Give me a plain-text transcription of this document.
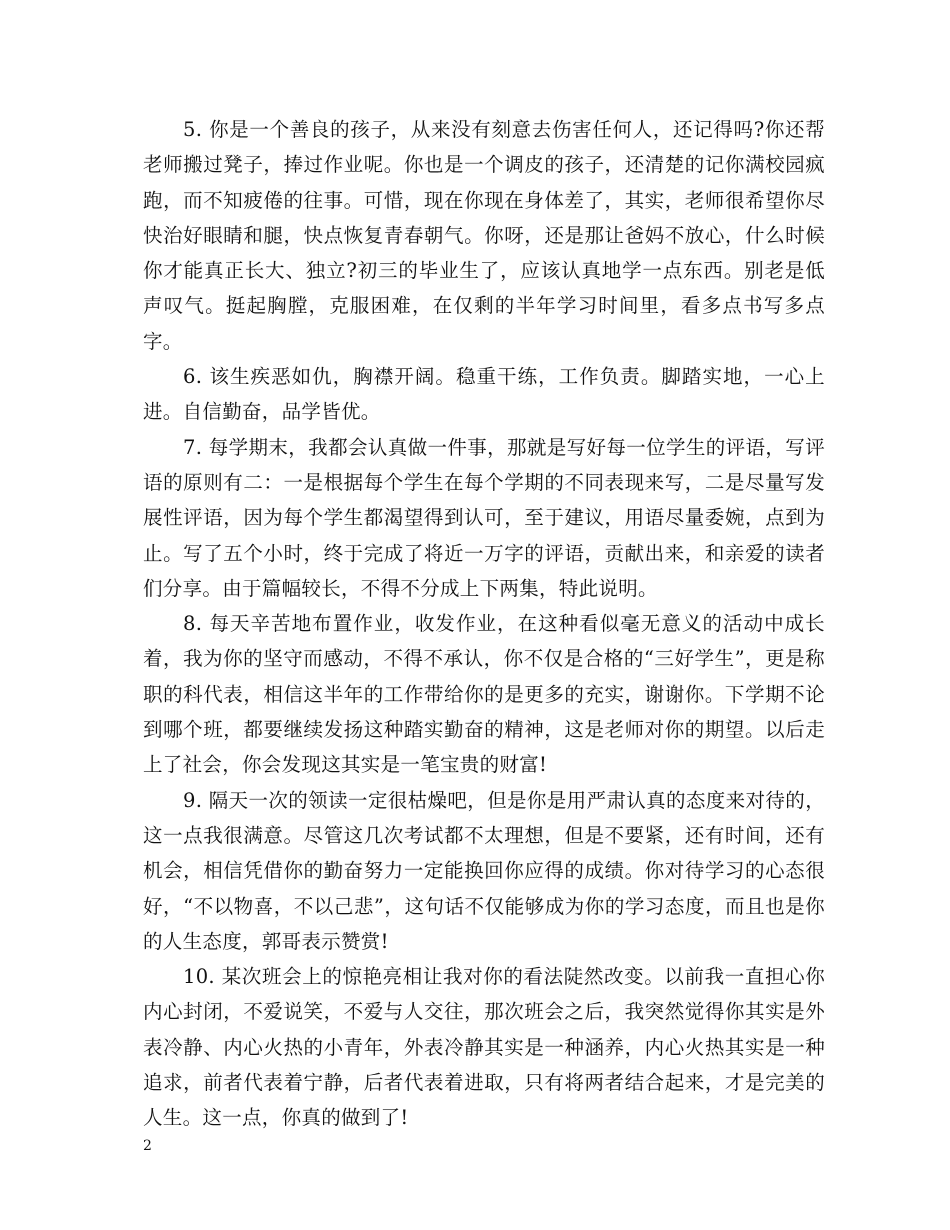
5. 你是一个善良的孩子，从来没有刻意去伤害任何人，还记得吗?你还帮老师搬过凳子，捧过作业呢。你也是一个调皮的孩子，还清楚的记你满校园疯跑，而不知疲倦的往事。可惜，现在你现在身体差了，其实，老师很希望你尽快治好眼睛和腿，快点恢复青春朝气。你呀，还是那让爸妈不放心，什么时候你才能真正长大、独立?初三的毕业生了，应该认真地学一点东西。别老是低声叹气。挺起胸膛，克服困难，在仅剩的半年学习时间里，看多点书写多点字。

6. 该生疾恶如仇，胸襟开阔。稳重干练，工作负责。脚踏实地，一心上进。自信勤奋，品学皆优。

7. 每学期末，我都会认真做一件事，那就是写好每一位学生的评语，写评语的原则有二：一是根据每个学生在每个学期的不同表现来写，二是尽量写发展性评语，因为每个学生都渴望得到认可，至于建议，用语尽量委婉，点到为止。写了五个小时，终于完成了将近一万字的评语，贡献出来，和亲爱的读者们分享。由于篇幅较长，不得不分成上下两集，特此说明。

8. 每天辛苦地布置作业，收发作业，在这种看似毫无意义的活动中成长着，我为你的坚守而感动，不得不承认，你不仅是合格的“三好学生”，更是称职的科代表，相信这半年的工作带给你的是更多的充实，谢谢你。下学期不论到哪个班，都要继续发扬这种踏实勤奋的精神，这是老师对你的期望。以后走上了社会，你会发现这其实是一笔宝贵的财富!

9. 隔天一次的领读一定很枯燥吧，但是你是用严肃认真的态度来对待的，这一点我很满意。尽管这几次考试都不太理想，但是不要紧，还有时间，还有机会，相信凭借你的勤奋努力一定能换回你应得的成绩。你对待学习的心态很好，“不以物喜，不以己悲”，这句话不仅能够成为你的学习态度，而且也是你的人生态度，郭哥表示赞赏!

10. 某次班会上的惊艳亮相让我对你的看法陡然改变。以前我一直担心你内心封闭，不爱说笑，不爱与人交往，那次班会之后，我突然觉得你其实是外表冷静、内心火热的小青年，外表冷静其实是一种涵养，内心火热其实是一种追求，前者代表着宁静，后者代表着进取，只有将两者结合起来，才是完美的人生。这一点，你真的做到了!

2
